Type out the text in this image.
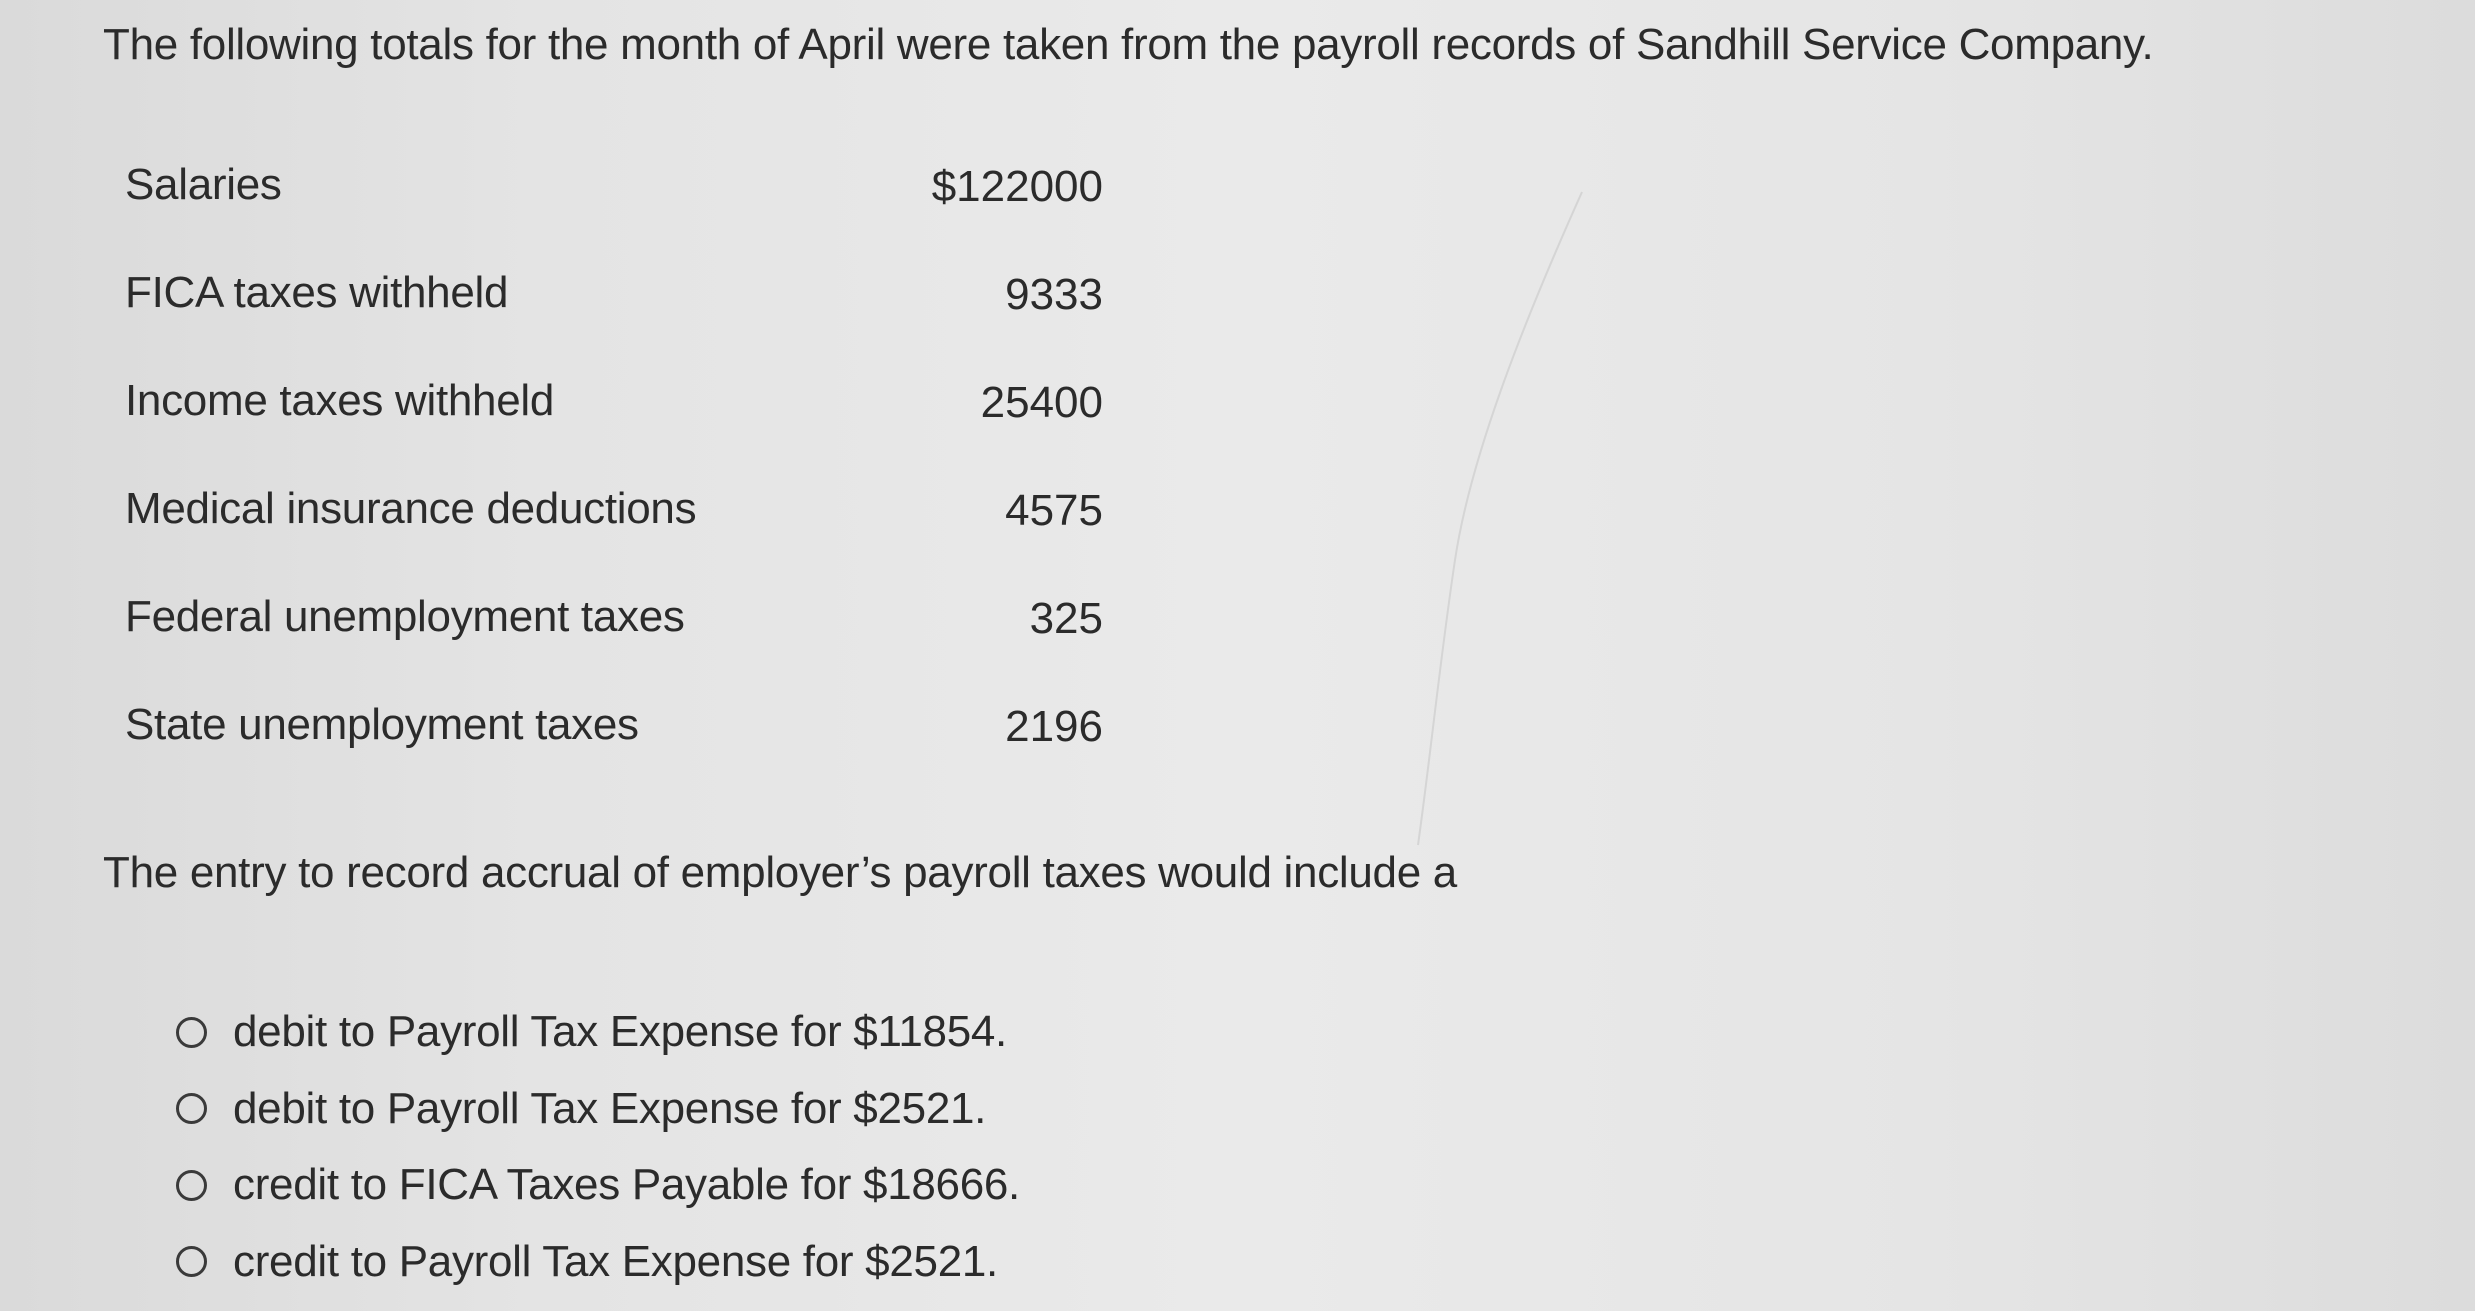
The following totals for the month of April were taken from the payroll records of Sandhill Service Company.
Salaries	$122000
FICA taxes withheld	9333
Income taxes withheld	25400
Medical insurance deductions	4575
Federal unemployment taxes	325
State unemployment taxes	2196
The entry to record accrual of employer’s payroll taxes would include a
debit to Payroll Tax Expense for $11854.
debit to Payroll Tax Expense for $2521.
credit to FICA Taxes Payable for $18666.
credit to Payroll Tax Expense for $2521.
